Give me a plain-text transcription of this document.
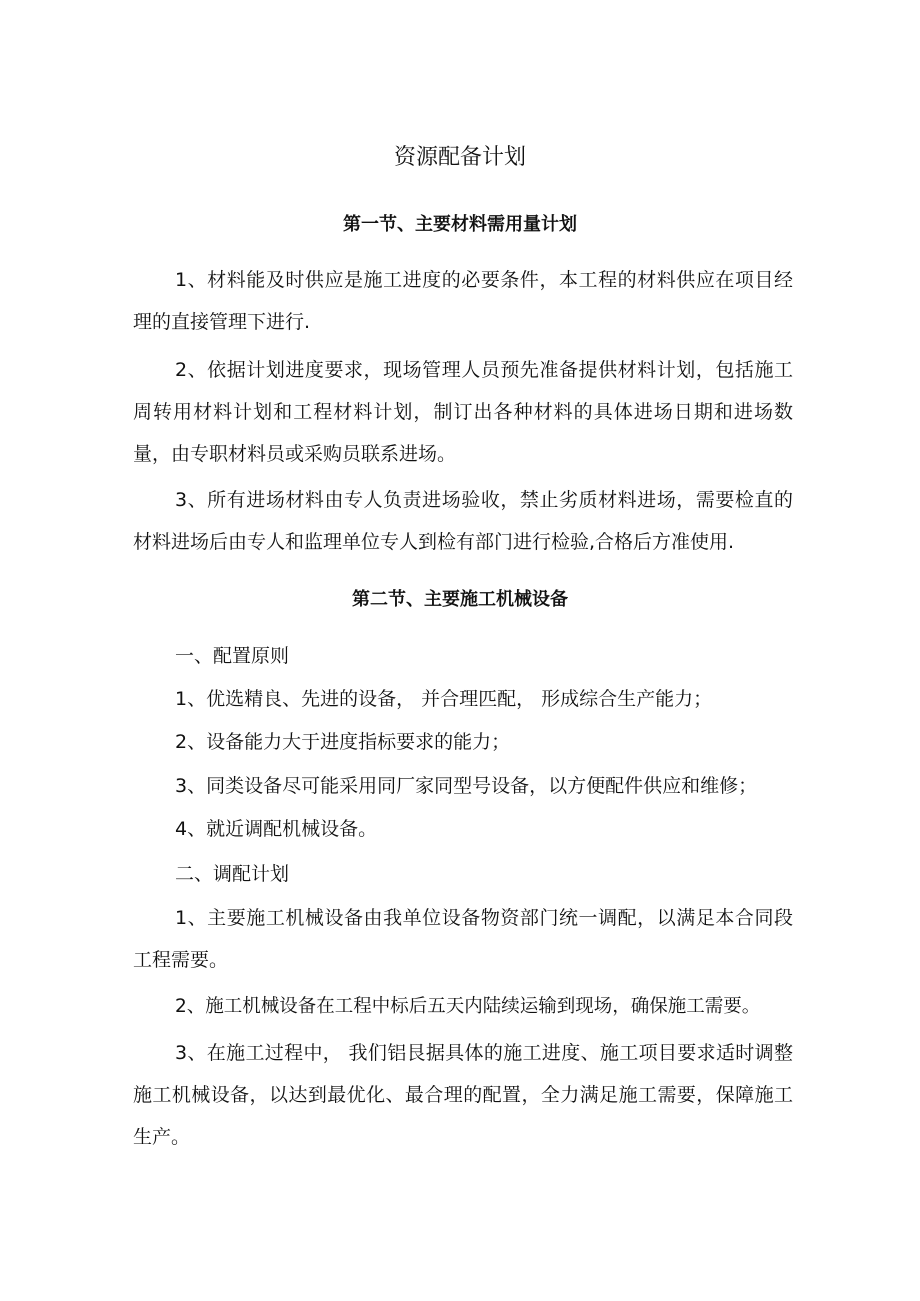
资源配备计划
第一节、主要材料需用量计划

1、材料能及时供应是施工进度的必要条件，本工程的材料供应在项目经理的直接管理下进行.

2、依据计划进度要求，现场管理人员预先准备提供材料计划，包括施工周转用材料计划和工程材料计划，制订出各种材料的具体进场日期和进场数量，由专职材料员或采购员联系进场。

3、所有进场材料由专人负责进场验收，禁止劣质材料进场，需要检直的材料进场后由专人和监理单位专人到检有部门进行检验,合格后方准使用.

第二节、主要施工机械设备

一、配置原则

1、优选精良、先进的设备， 并合理匹配， 形成综合生产能力；

2、设备能力大于进度指标要求的能力；

3、同类设备尽可能采用同厂家同型号设备，以方便配件供应和维修；

4、就近调配机械设备。

二、调配计划

1、主要施工机械设备由我单位设备物资部门统一调配，以满足本合同段工程需要。

2、施工机械设备在工程中标后五天内陆续运输到现场，确保施工需要。

3、在施工过程中， 我们铝艮据具体的施工进度、施工项目要求适时调整施工机械设备，以达到最优化、最合理的配置，全力满足施工需要，保障施工生产。
